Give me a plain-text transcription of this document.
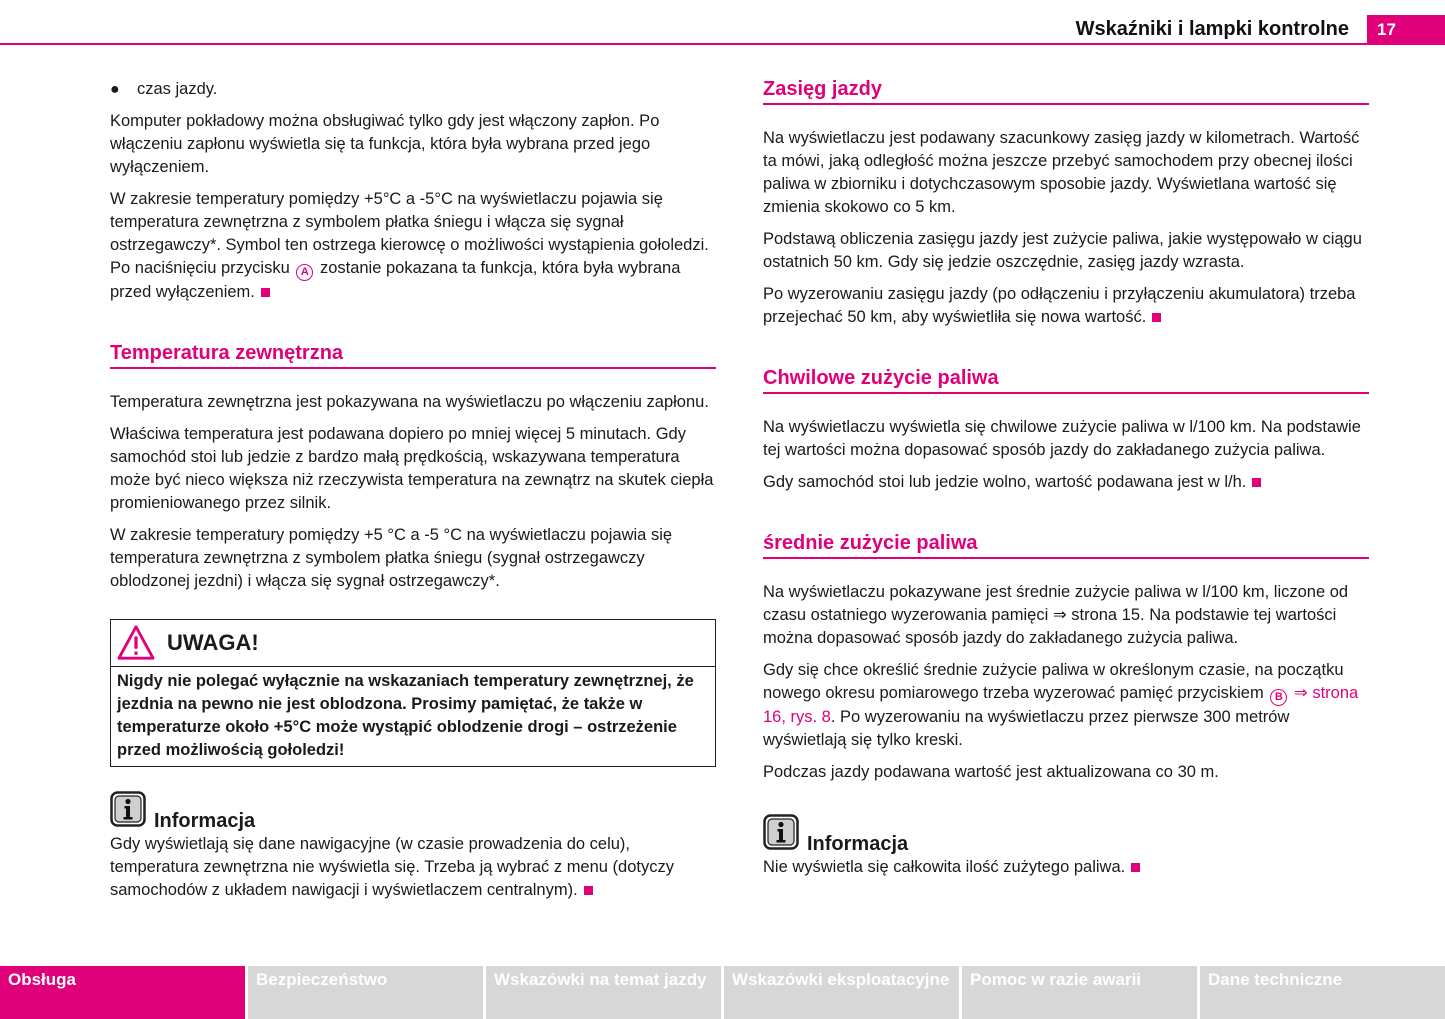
Wskaźniki i lampki kontrolne	17

●	czas jazdy.

Komputer pokładowy można obsługiwać tylko gdy jest włączony zapłon. Po włączeniu zapłonu wyświetla się ta funkcja, która była wybrana przed jego wyłączeniem.

W zakresie temperatury pomiędzy +5°C a -5°C na wyświetlaczu pojawia się temperatura zewnętrzna z symbolem płatka śniegu i włącza się sygnał ostrzegawczy*. Symbol ten ostrzega kierowcę o możliwości wystąpienia gołoledzi. Po naciśnięciu przycisku A zostanie pokazana ta funkcja, która była wybrana przed wyłączeniem.

Temperatura zewnętrzna

Temperatura zewnętrzna jest pokazywana na wyświetlaczu po włączeniu zapłonu.

Właściwa temperatura jest podawana dopiero po mniej więcej 5 minutach. Gdy samochód stoi lub jedzie z bardzo małą prędkością, wskazywana temperatura może być nieco większa niż rzeczywista temperatura na zewnątrz na skutek ciepła promieniowanego przez silnik.

W zakresie temperatury pomiędzy +5 °C a -5 °C na wyświetlaczu pojawia się temperatura zewnętrzna z symbolem płatka śniegu (sygnał ostrzegawczy oblodzonej jezdni) i włącza się sygnał ostrzegawczy*.

UWAGA!
Nigdy nie polegać wyłącznie na wskazaniach temperatury zewnętrznej, że jezdnia na pewno nie jest oblodzona. Prosimy pamiętać, że także w temperaturze około +5°C może wystąpić oblodzenie drogi – ostrzeżenie przed możliwością gołoledzi!
Informacja

Gdy wyświetlają się dane nawigacyjne (w czasie prowadzenia do celu), temperatura zewnętrzna nie wyświetla się. Trzeba ją wybrać z menu (dotyczy samochodów z układem nawigacji i wyświetlaczem centralnym).

Zasięg jazdy

Na wyświetlaczu jest podawany szacunkowy zasięg jazdy w kilometrach. Wartość ta mówi, jaką odległość można jeszcze przebyć samochodem przy obecnej ilości paliwa w zbiorniku i dotychczasowym sposobie jazdy. Wyświetlana wartość się zmienia skokowo co 5 km.

Podstawą obliczenia zasięgu jazdy jest zużycie paliwa, jakie występowało w ciągu ostatnich 50 km. Gdy się jedzie oszczędnie, zasięg jazdy wzrasta.

Po wyzerowaniu zasięgu jazdy (po odłączeniu i przyłączeniu akumulatora) trzeba przejechać 50 km, aby wyświetliła się nowa wartość.

Chwilowe zużycie paliwa

Na wyświetlaczu wyświetla się chwilowe zużycie paliwa w l/100 km. Na podstawie tej wartości można dopasować sposób jazdy do zakładanego zużycia paliwa.

Gdy samochód stoi lub jedzie wolno, wartość podawana jest w l/h.

średnie zużycie paliwa

Na wyświetlaczu pokazywane jest średnie zużycie paliwa w l/100 km, liczone od czasu ostatniego wyzerowania pamięci ⇒ strona 15. Na podstawie tej wartości można dopasować sposób jazdy do zakładanego zużycia paliwa.

Gdy się chce określić średnie zużycie paliwa w określonym czasie, na początku nowego okresu pomiarowego trzeba wyzerować pamięć przyciskiem B ⇒ strona 16, rys. 8. Po wyzerowaniu na wyświetlaczu przez pierwsze 300 metrów wyświetlają się tylko kreski.

Podczas jazdy podawana wartość jest aktualizowana co 30 m.

Informacja

Nie wyświetla się całkowita ilość zużytego paliwa.

Obsługa	Bezpieczeństwo	Wskazówki na temat jazdy	Wskazówki eksploatacyjne	Pomoc w razie awarii	Dane techniczne
